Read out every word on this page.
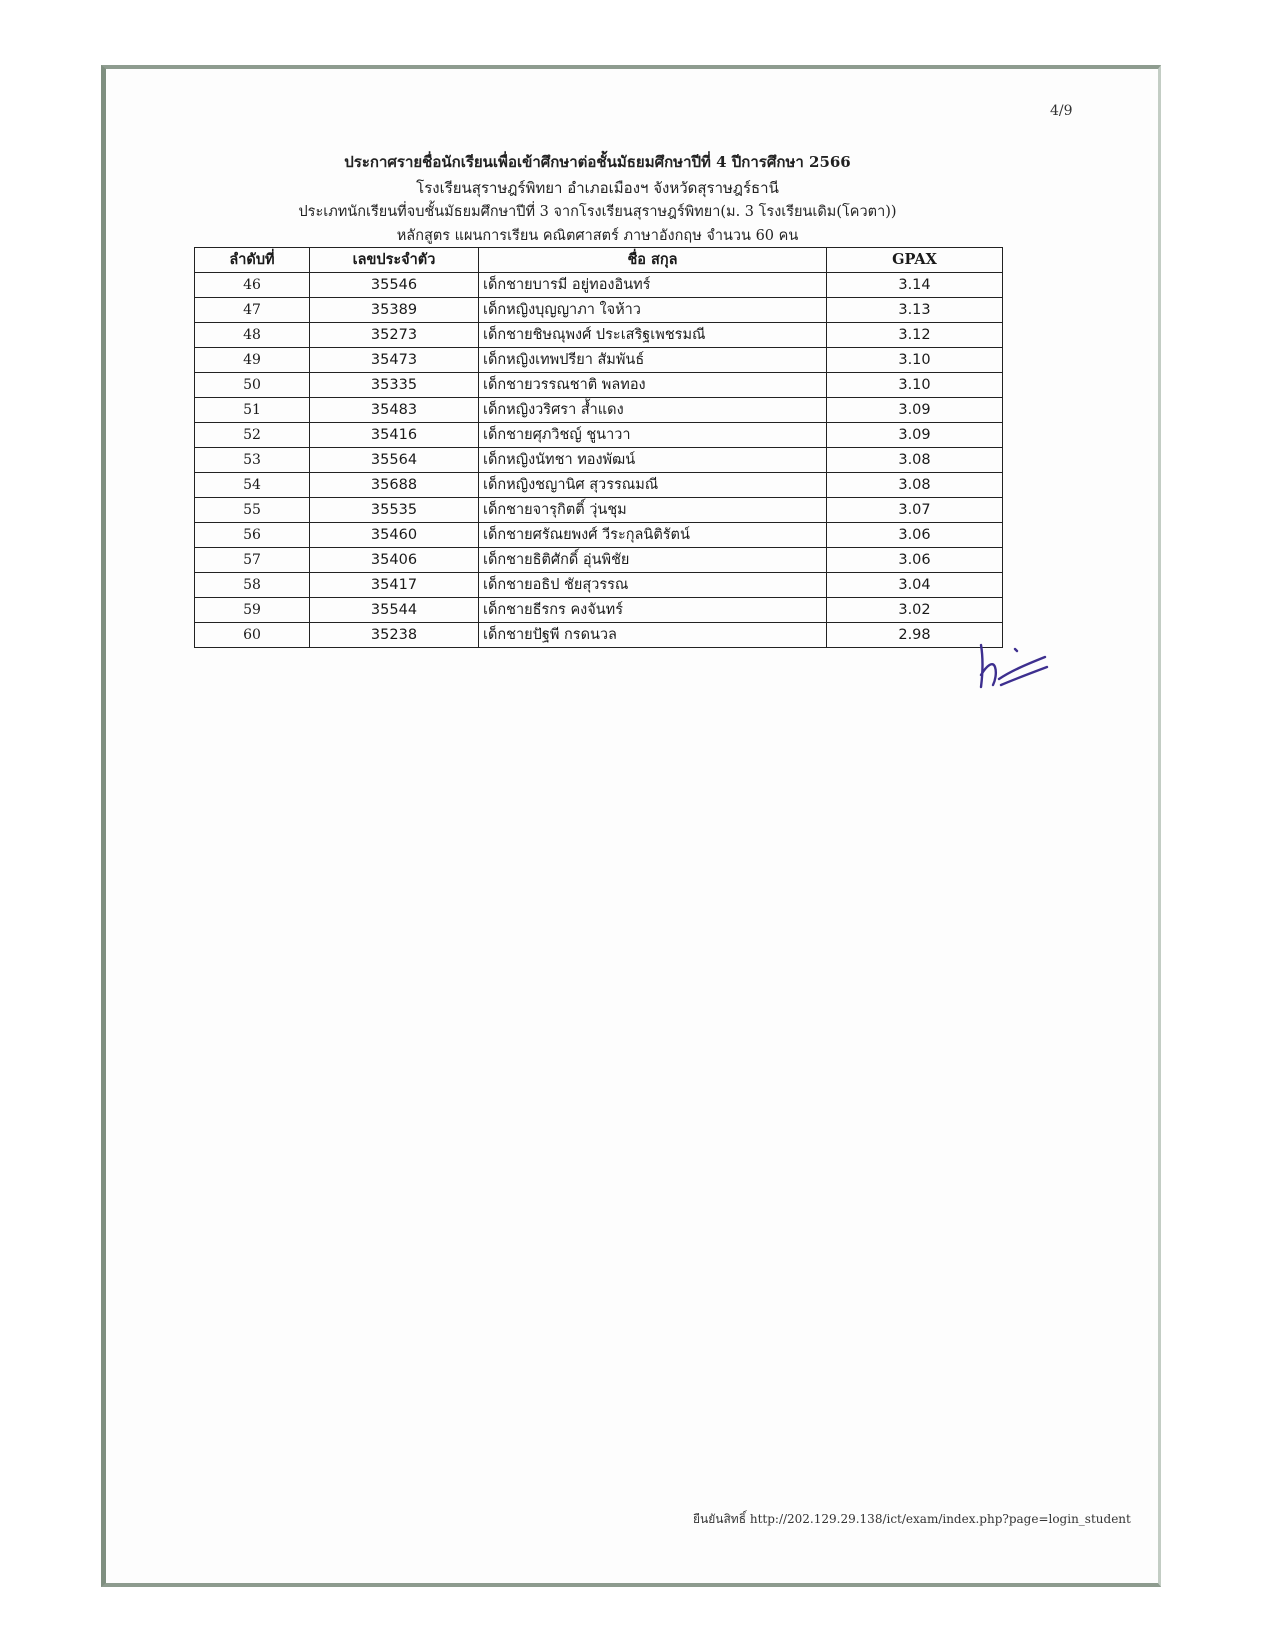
4/9
ประกาศรายชื่อนักเรียนเพื่อเข้าศึกษาต่อชั้นมัธยมศึกษาปีที่ 4 ปีการศึกษา 2566
โรงเรียนสุราษฎร์พิทยา อำเภอเมืองฯ จังหวัดสุราษฎร์ธานี
ประเภทนักเรียนที่จบชั้นมัธยมศึกษาปีที่ 3 จากโรงเรียนสุราษฎร์พิทยา(ม. 3 โรงเรียนเดิม(โควตา))
หลักสูตร แผนการเรียน คณิตศาสตร์ ภาษาอังกฤษ จำนวน 60 คน
ลำดับที่	เลขประจำตัว	ชื่อ สกุล	GPAX
46	35546	เด็กชายบารมี อยู่ทองอินทร์	3.14
47	35389	เด็กหญิงบุญญาภา ใจห้าว	3.13
48	35273	เด็กชายชิษณุพงศ์ ประเสริฐเพชรมณี	3.12
49	35473	เด็กหญิงเทพปรียา สัมพันธ์	3.10
50	35335	เด็กชายวรรณชาติ พลทอง	3.10
51	35483	เด็กหญิงวริศรา ส้ำแดง	3.09
52	35416	เด็กชายศุภวิชญ์ ชูนาวา	3.09
53	35564	เด็กหญิงนัทชา ทองพัฒน์	3.08
54	35688	เด็กหญิงชญานิศ สุวรรณมณี	3.08
55	35535	เด็กชายจารุกิตติ์ วุ่นชุม	3.07
56	35460	เด็กชายศรัณยพงศ์ วีระกุลนิติรัตน์	3.06
57	35406	เด็กชายธิติศักดิ์ อุ่นพิชัย	3.06
58	35417	เด็กชายอธิป ชัยสุวรรณ	3.04
59	35544	เด็กชายธีรกร คงจันทร์	3.02
60	35238	เด็กชายปัฐพี กรดนวล	2.98
ยืนยันสิทธิ์ http://202.129.29.138/ict/exam/index.php?page=login_student
